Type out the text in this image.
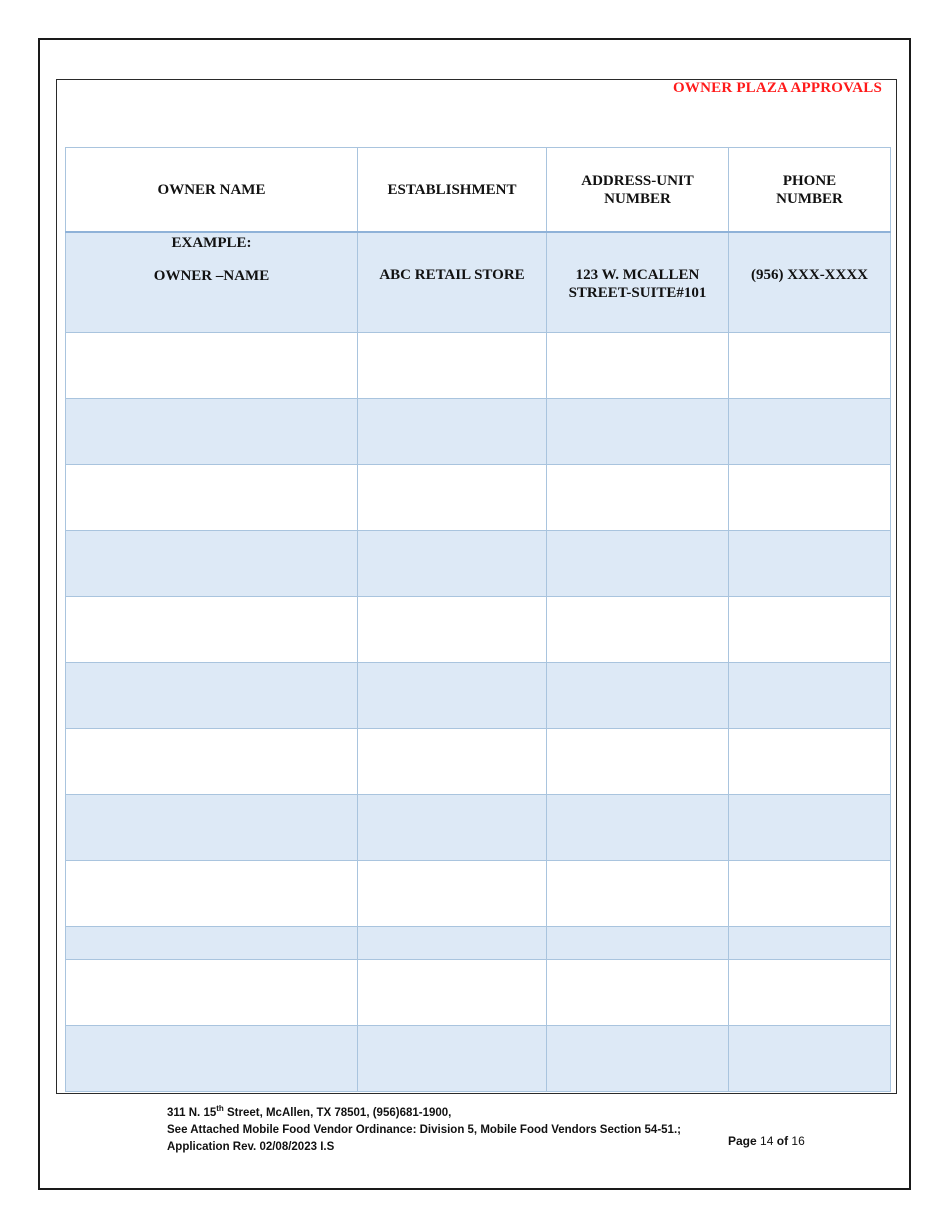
OWNER PLAZA APPROVALS
OWNER NAME	ESTABLISHMENT	ADDRESS-UNIT NUMBER	PHONE NUMBER

EXAMPLE:
OWNER –NAME	ABC RETAIL STORE	123 W. MCALLEN STREET-SUITE#101	(956) XXX-XXXX

311 N. 15th Street, McAllen, TX 78501, (956)681-1900,
See Attached Mobile Food Vendor Ordinance: Division 5, Mobile Food Vendors Section 54-51.;
Application Rev. 02/08/2023 I.S	Page 14 of 16
